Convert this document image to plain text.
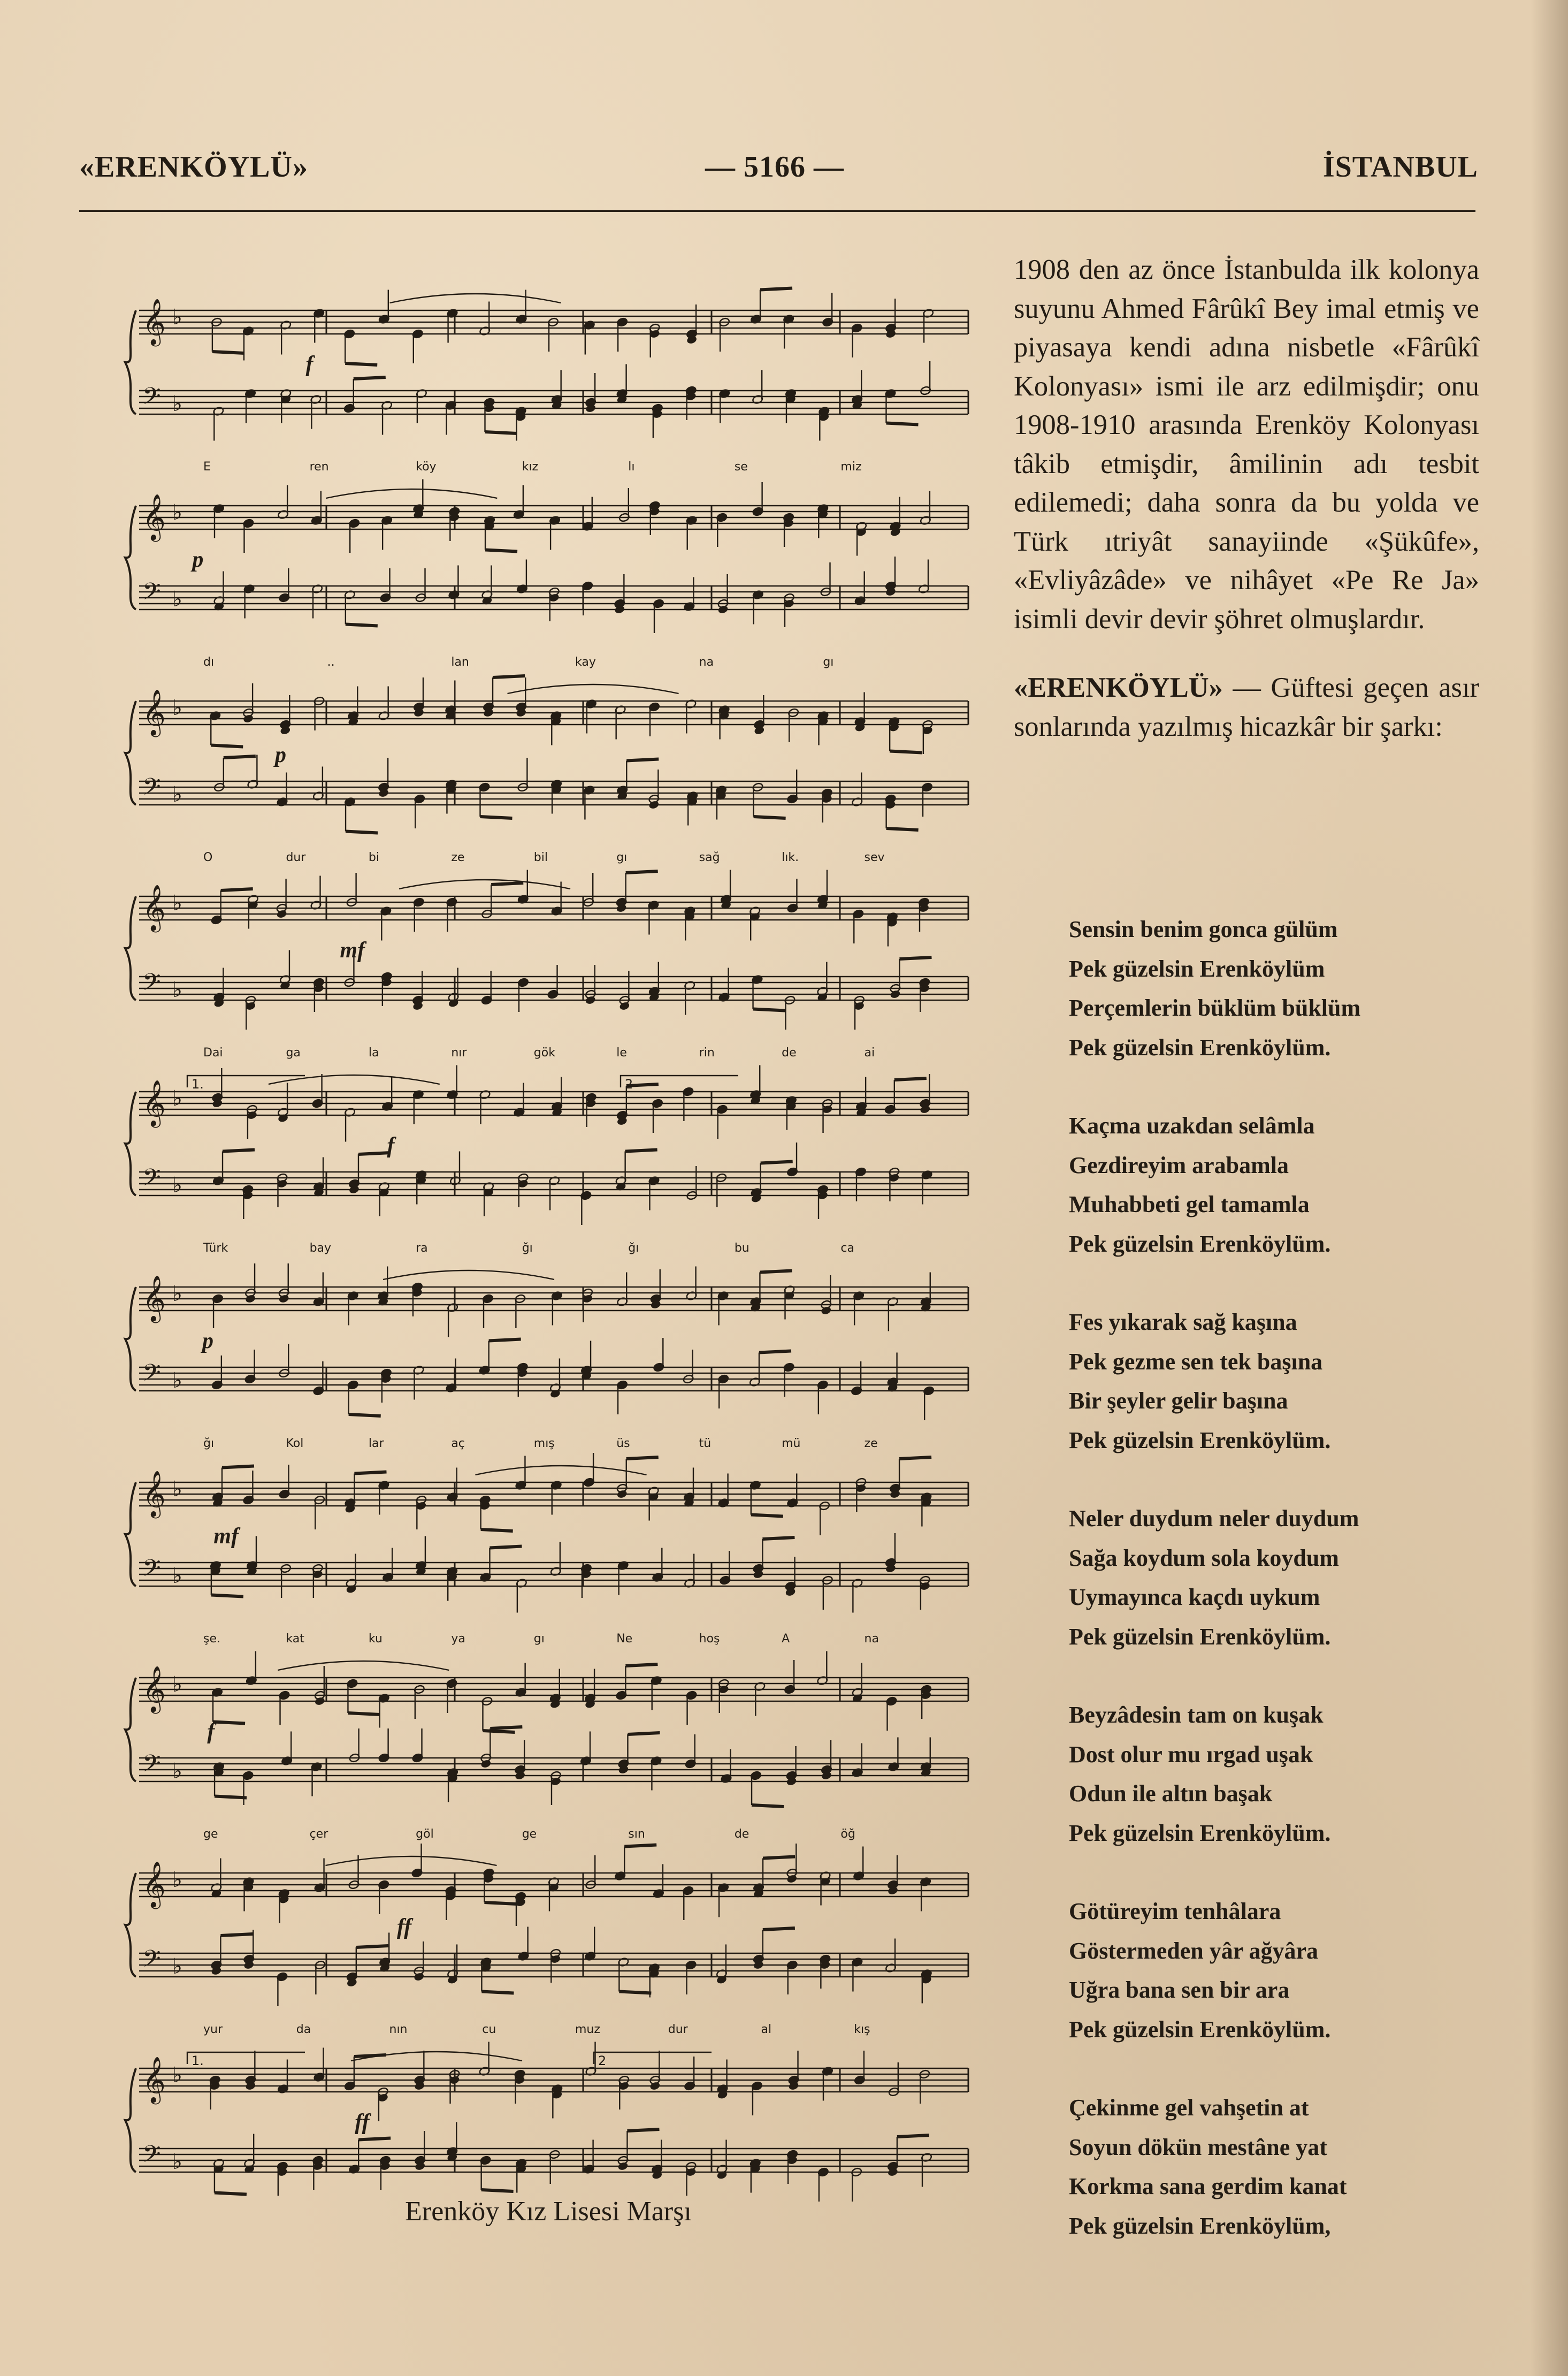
«ERENKÖYLÜ»	— 5166 —	İSTANBUL
𝄞 ♭
𝄢 ♭
f
E	ren	köy	kız	lı	se	miz
𝄞 ♭
𝄢 ♭
p
dı	..	lan	kay	na	gı
𝄞 ♭
𝄢 ♭
p
O	dur	bi	ze	bil	gı	sağ	lık.	sev
𝄞 ♭
𝄢 ♭
mf
Dai	ga	la	nır	gök	le	rin	de	ai
𝄞 ♭
𝄢 ♭
f
Türk	bay	ra	ğı	ğı	bu	ca
𝄞 ♭
𝄢 ♭
p
ğı	Kol	lar	aç	mış	üs	tü	mü	ze
𝄞 ♭
𝄢 ♭
mf
şe.	kat	ku	ya	gı	Ne	hoş	A	na
𝄞 ♭
𝄢 ♭
f
ge	çer	göl	ge	sın	de	öğ
𝄞 ♭
𝄢 ♭
ff
yur	da	nın	cu	muz	dur	al	kış
𝄞 ♭
𝄢 ♭
ff
1.	2
1.	2
Erenköy Kız Lisesi Marşı

1908 den az önce İstanbulda ilk kolonya suyunu Ahmed Fârûkî Bey imal etmiş ve piyasaya kendi adına nisbetle «Fârûkî Kolonyası» ismi ile arz edilmişdir; onu 1908-1910 arasında Erenköy Kolonyası tâkib etmişdir, âmilinin adı tesbit edilemedi; daha sonra da bu yolda ve Türk ıtriyât sanayiinde «Şükûfe», «Evliyâzâde» ve nihâyet «Pe Re Ja» isimli devir devir şöhret olmuşlardır.

«ERENKÖYLÜ» — Güftesi geçen asır sonlarında yazılmış hicazkâr bir şarkı:

Sensin benim gonca gülüm
Pek güzelsin Erenköylüm
Perçemlerin büklüm büklüm
Pek güzelsin Erenköylüm.
Kaçma uzakdan selâmla
Gezdireyim arabamla
Muhabbeti gel tamamla
Pek güzelsin Erenköylüm.
Fes yıkarak sağ kaşına
Pek gezme sen tek başına
Bir şeyler gelir başına
Pek güzelsin Erenköylüm.
Neler duydum neler duydum
Sağa koydum sola koydum
Uymayınca kaçdı uykum
Pek güzelsin Erenköylüm.
Beyzâdesin tam on kuşak
Dost olur mu ırgad uşak
Odun ile altın başak
Pek güzelsin Erenköylüm.
Götüreyim tenhâlara
Göstermeden yâr ağyâra
Uğra bana sen bir ara
Pek güzelsin Erenköylüm.
Çekinme gel vahşetin at
Soyun dökün mestâne yat
Korkma sana gerdim kanat
Pek güzelsin Erenköylüm,
